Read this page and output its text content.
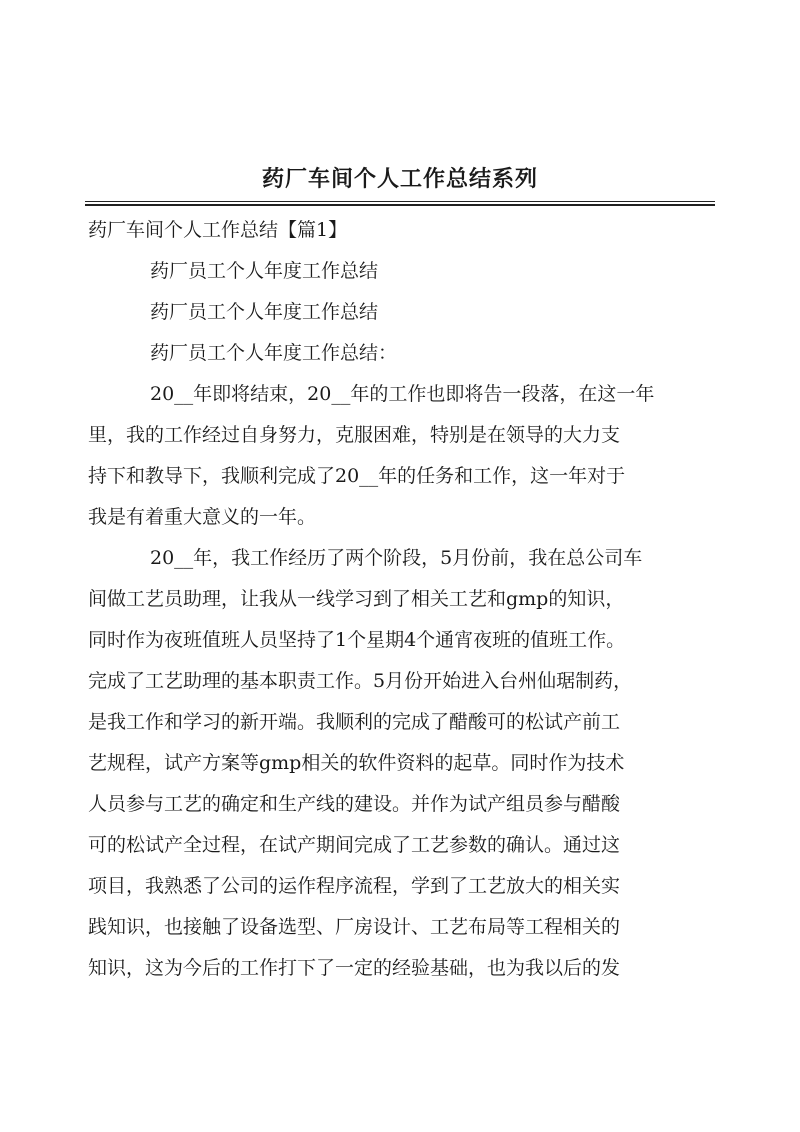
药厂车间个人工作总结系列

药厂车间个人工作总结【篇1】

药厂员工个人年度工作总结

药厂员工个人年度工作总结

药厂员工个人年度工作总结：

20__年即将结束，20__年的工作也即将告一段落，在这一年

里，我的工作经过自身努力，克服困难，特别是在领导的大力支

持下和教导下，我顺利完成了20__年的任务和工作，这一年对于

我是有着重大意义的一年。

20__年，我工作经历了两个阶段，5月份前，我在总公司车

间做工艺员助理，让我从一线学习到了相关工艺和gmp的知识，

同时作为夜班值班人员坚持了1个星期4个通宵夜班的值班工作。

完成了工艺助理的基本职责工作。5月份开始进入台州仙琚制药，

是我工作和学习的新开端。我顺利的完成了醋酸可的松试产前工

艺规程，试产方案等gmp相关的软件资料的起草。同时作为技术

人员参与工艺的确定和生产线的建设。并作为试产组员参与醋酸

可的松试产全过程，在试产期间完成了工艺参数的确认。通过这

项目，我熟悉了公司的运作程序流程，学到了工艺放大的相关实

践知识，也接触了设备选型、厂房设计、工艺布局等工程相关的

知识，这为今后的工作打下了一定的经验基础，也为我以后的发
